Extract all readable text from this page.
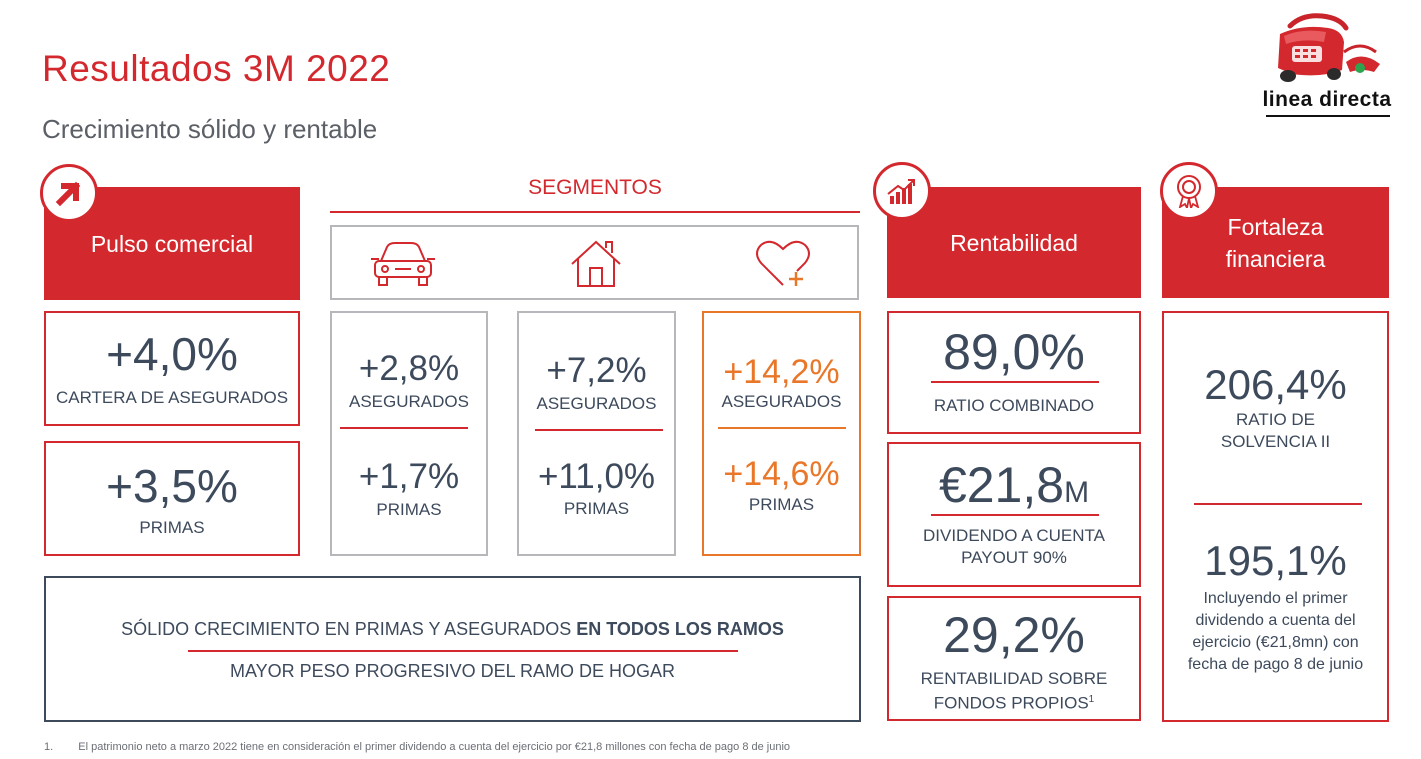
Resultados 3M 2022
Crecimiento sólido y rentable
linea directa
Pulso comercial
+4,0%
CARTERA DE ASEGURADOS
+3,5%
PRIMAS
SEGMENTOS
+2,8%
ASEGURADOS
+1,7%
PRIMAS
+7,2%
ASEGURADOS
+11,0%
PRIMAS
+14,2%
ASEGURADOS
+14,6%
PRIMAS
SÓLIDO CRECIMIENTO EN PRIMAS Y ASEGURADOS EN TODOS LOS RAMOS
MAYOR PESO PROGRESIVO DEL RAMO DE HOGAR
Rentabilidad
89,0%
RATIO COMBINADO
€21,8M
DIVIDENDO A CUENTA
PAYOUT 90%
29,2%
RENTABILIDAD SOBRE
FONDOS PROPIOS$^1$
Fortaleza
financiera
206,4%
RATIO DE
SOLVENCIA II
195,1%
Incluyendo el primer
dividendo a cuenta del
ejercicio (€21,8mn) con
fecha de pago 8 de junio
1. El patrimonio neto a marzo 2022 tiene en consideración el primer dividendo a cuenta del ejercicio por €21,8 millones con fecha de pago 8 de junio
